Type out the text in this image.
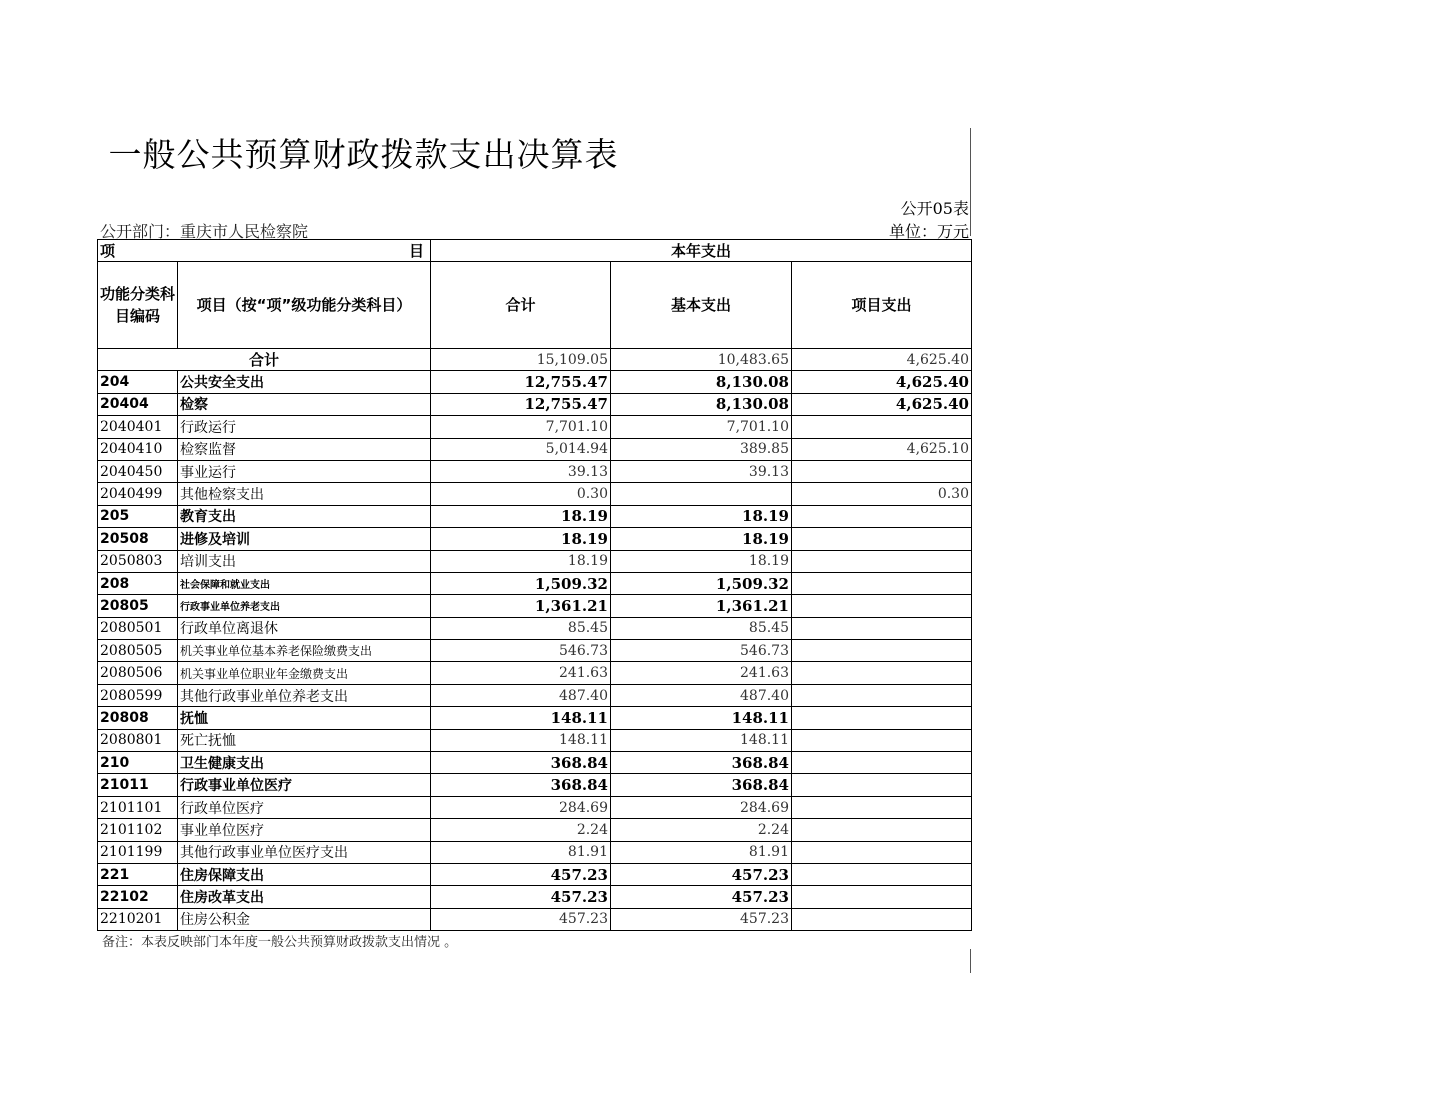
一般公共预算财政拨款支出决算表
公开05表
公开部门：重庆市人民检察院	单位：万元
项 目		本年支出		
功能分类科目编码	项目（按“项”级功能分类科目）	合计	基本支出	项目支出
合计		15,109.05	10,483.65	4,625.40
204	公共安全支出	12,755.47	8,130.08	4,625.40
20404	检察	12,755.47	8,130.08	4,625.40
2040401	行政运行	7,701.10	7,701.10	
2040410	检察监督	5,014.94	389.85	4,625.10
2040450	事业运行	39.13	39.13	
2040499	其他检察支出	0.30		0.30
205	教育支出	18.19	18.19	
20508	进修及培训	18.19	18.19	
2050803	培训支出	18.19	18.19	
208	社会保障和就业支出	1,509.32	1,509.32	
20805	行政事业单位养老支出	1,361.21	1,361.21	
2080501	行政单位离退休	85.45	85.45	
2080505	机关事业单位基本养老保险缴费支出	546.73	546.73	
2080506	机关事业单位职业年金缴费支出	241.63	241.63	
2080599	其他行政事业单位养老支出	487.40	487.40	
20808	抚恤	148.11	148.11	
2080801	死亡抚恤	148.11	148.11	
210	卫生健康支出	368.84	368.84	
21011	行政事业单位医疗	368.84	368.84	
2101101	行政单位医疗	284.69	284.69	
2101102	事业单位医疗	2.24	2.24	
2101199	其他行政事业单位医疗支出	81.91	81.91	
221	住房保障支出	457.23	457.23	
22102	住房改革支出	457.23	457.23	
2210201	住房公积金	457.23	457.23	
备注：本表反映部门本年度一般公共预算财政拨款支出情况 。
